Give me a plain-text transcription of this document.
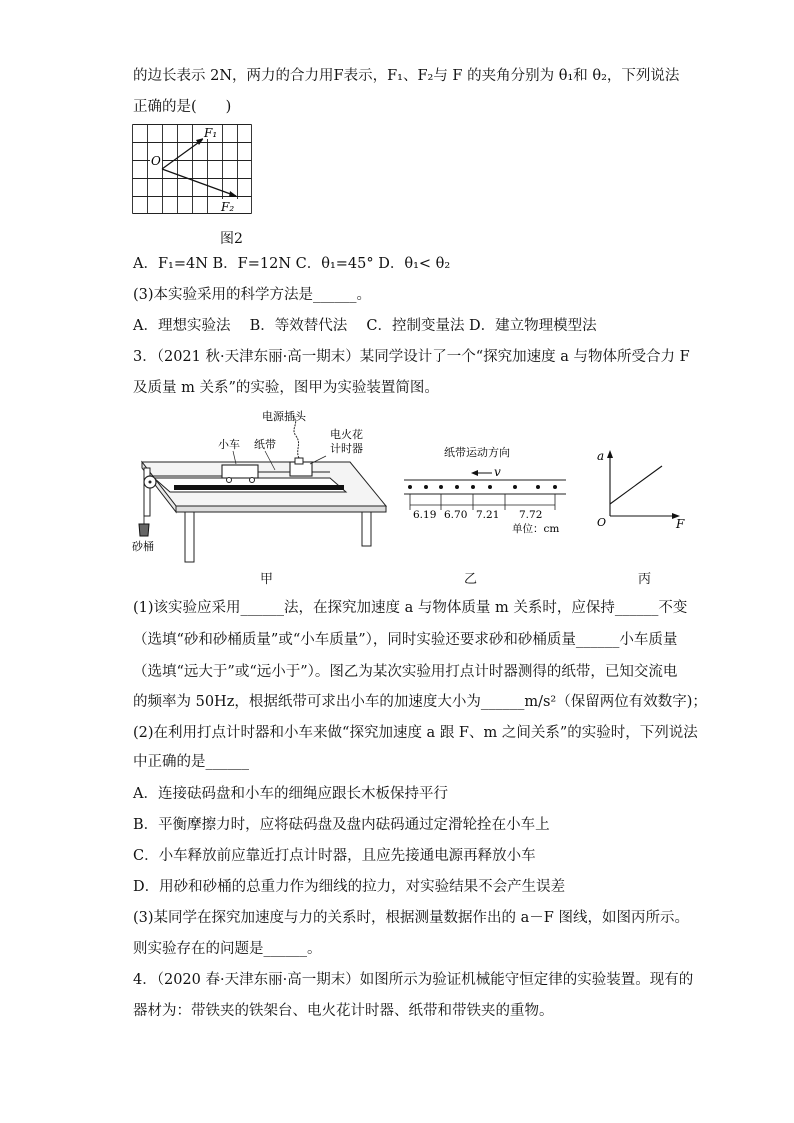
的边长表示 2N，两力的合力用F表示，F₁、F₂与 F 的夹角分别为 θ₁和 θ₂，下列说法
正确的是(　　)
F₁
F₂
O
图2
A．F₁=4N B．F=12N C．θ₁=45° D．θ₁< θ₂
(3)本实验采用的科学方法是______。
A．理想实验法　 B．等效替代法　 C．控制变量法 D．建立物理模型法
3．（2021 秋·天津东丽·高一期末）某同学设计了一个“探究加速度 a 与物体所受合力 F
及质量 m 关系”的实验，图甲为实验装置简图。
电源插头
小车 纸带
电火花
计时器
砂桶
甲
纸带运动方向
v
6.19 6.70 7.21 7.72
单位：cm
乙
a
O	F
丙
(1)该实验应采用______法，在探究加速度 a 与物体质量 m 关系时，应保持______不变
（选填“砂和砂桶质量”或“小车质量”），同时实验还要求砂和砂桶质量______小车质量
（选填“远大于”或“远小于”）。图乙为某次实验用打点计时器测得的纸带，已知交流电
的频率为 50Hz，根据纸带可求出小车的加速度大小为______m/s²（保留两位有效数字)；
(2)在利用打点计时器和小车来做“探究加速度 a 跟 F、m 之间关系”的实验时，下列说法
中正确的是______
A．连接砝码盘和小车的细绳应跟长木板保持平行
B．平衡摩擦力时，应将砝码盘及盘内砝码通过定滑轮拴在小车上
C．小车释放前应靠近打点计时器，且应先接通电源再释放小车
D．用砂和砂桶的总重力作为细线的拉力，对实验结果不会产生误差
(3)某同学在探究加速度与力的关系时，根据测量数据作出的 a－F 图线，如图丙所示。
则实验存在的问题是______。
4．（2020 春·天津东丽·高一期末）如图所示为验证机械能守恒定律的实验装置。现有的
器材为：带铁夹的铁架台、电火花计时器、纸带和带铁夹的重物。
